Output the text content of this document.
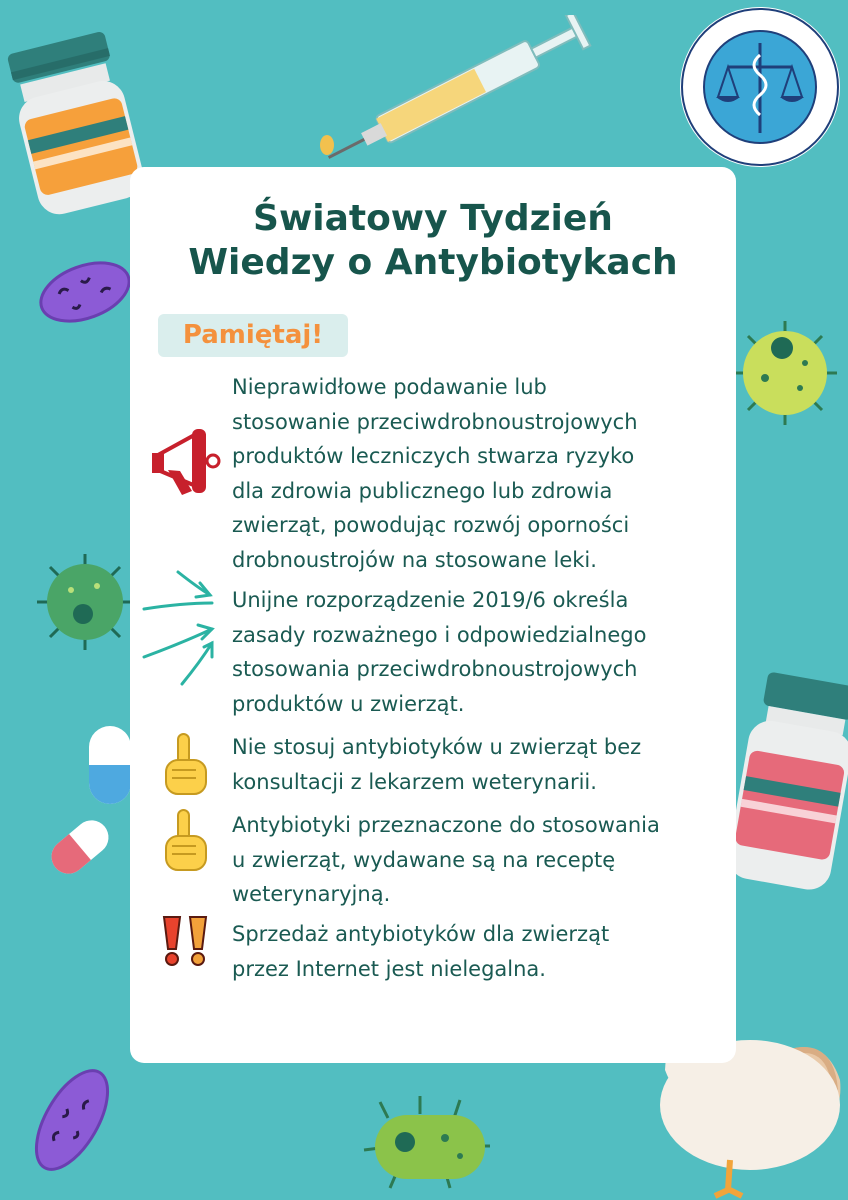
Światowy Tydzień
Wiedzy o Antybiotykach
Pamiętaj!
Nieprawidłowe podawanie lub
stosowanie przeciwdrobnoustrojowych
produktów leczniczych stwarza ryzyko
dla zdrowia publicznego lub zdrowia
zwierząt, powodując rozwój oporności
drobnoustrojów na stosowane leki.
Unijne rozporządzenie 2019/6 określa
zasady rozważnego i odpowiedzialnego
stosowania przeciwdrobnoustrojowych
produktów u zwierząt.
Nie stosuj antybiotyków u zwierząt bez
konsultacji z lekarzem weterynarii.
Antybiotyki przeznaczone do stosowania
u zwierząt, wydawane są na receptę
weterynaryjną.
Sprzedaż antybiotyków dla zwierząt
przez Internet jest nielegalna.
